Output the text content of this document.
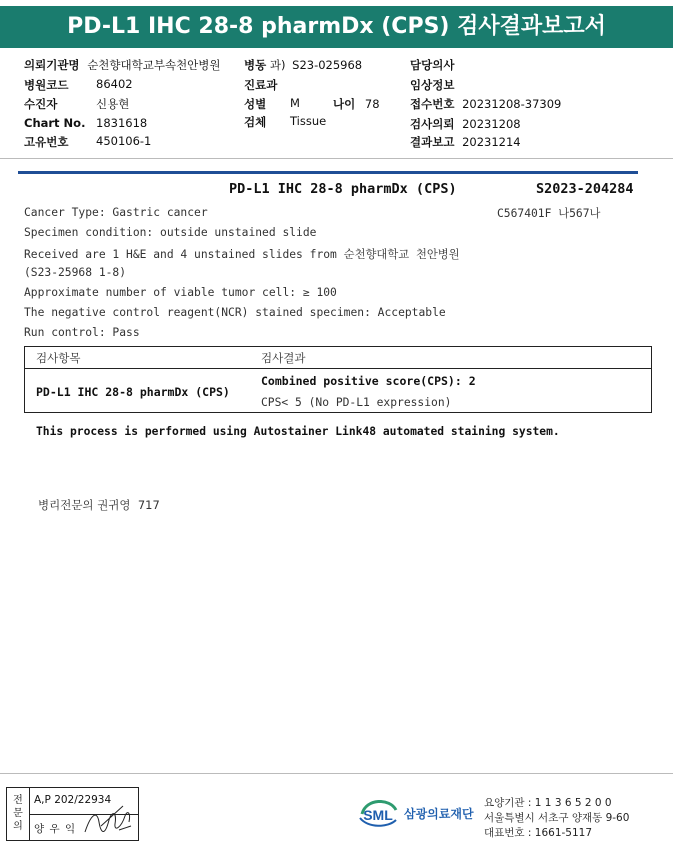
PD-L1 IHC 28-8 pharmDx (CPS) 검사결과보고서
의뢰기관명 순천향대학교부속천안병원 병동 과) S23-025968	담당의사
병원코드 86402	진료과	임상정보
수진자	신용현	성별 M	나이 78	접수번호 20231208-37309
Chart No. 1831618	검체 Tissue	검사의뢰 20231208
고유번호 450106-1	결과보고 20231214
PD-L1 IHC 28-8 pharmDx (CPS)	S2023-204284
C567401F 나567나
Cancer Type: Gastric cancer
Specimen condition: outside unstained slide
Received are 1 H&E and 4 unstained slides from 순천향대학교 천안병원
(S23-25968 1-8)
Approximate number of viable tumor cell: ≥ 100
The negative control reagent(NCR) stained specimen: Acceptable
Run control: Pass
검사항목	검사결과
PD-L1 IHC 28-8 pharmDx (CPS)
Combined positive score(CPS): 2
CPS< 5 (No PD-L1 expression)
This process is performed using Autostainer Link48 automated staining system.
병리전문의 권귀영  717
전
문
의
A,P 202/22934
양 우 익
SML 삼광의료재단
요양기관 : 1 1 3 6 5 2 0 0
서울특별시 서초구 양재동 9-60
대표번호 : 1661-5117
